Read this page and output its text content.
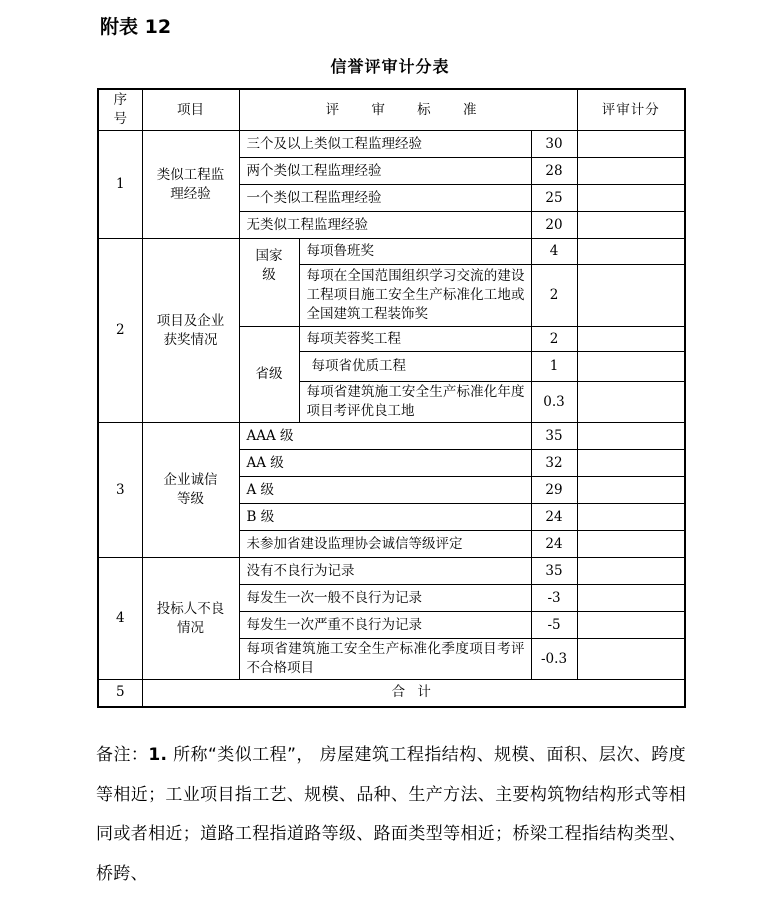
附表 12
信誉评审计分表
序号	项目	评 审 标 准			评审计分
1	类似工程监理经验	三个及以上类似工程监理经验		30	
		两个类似工程监理经验		28	
		一个类似工程监理经验		25	
		无类似工程监理经验		20	
2	项目及企业获奖情况	国家级	每项鲁班奖	4	
			每项在全国范围组织学习交流的建设工程项目施工安全生产标准化工地或全国建筑工程装饰奖	2	
		省级	每项芙蓉奖工程	2	
			每项省优质工程	1	
			每项省建筑施工安全生产标准化年度项目考评优良工地	0.3	
3	企业诚信等级	AAA 级		35	
		AA 级		32	
		A 级		29	
		B 级		24	
		未参加省建设监理协会诚信等级评定		24	
4	投标人不良情况	没有不良行为记录		35	
		每发生一次一般不良行为记录		-3	
		每发生一次严重不良行为记录		-5	
		每项省建筑施工安全生产标准化季度项目考评不合格项目		-0.3	
5	合 计				
备注：1. 所称“类似工程”， 房屋建筑工程指结构、规模、面积、层次、跨度等相近；工业项目指工艺、规模、品种、生产方法、主要构筑物结构形式等相同或者相近；道路工程指道路等级、路面类型等相近；桥梁工程指结构类型、桥跨、
